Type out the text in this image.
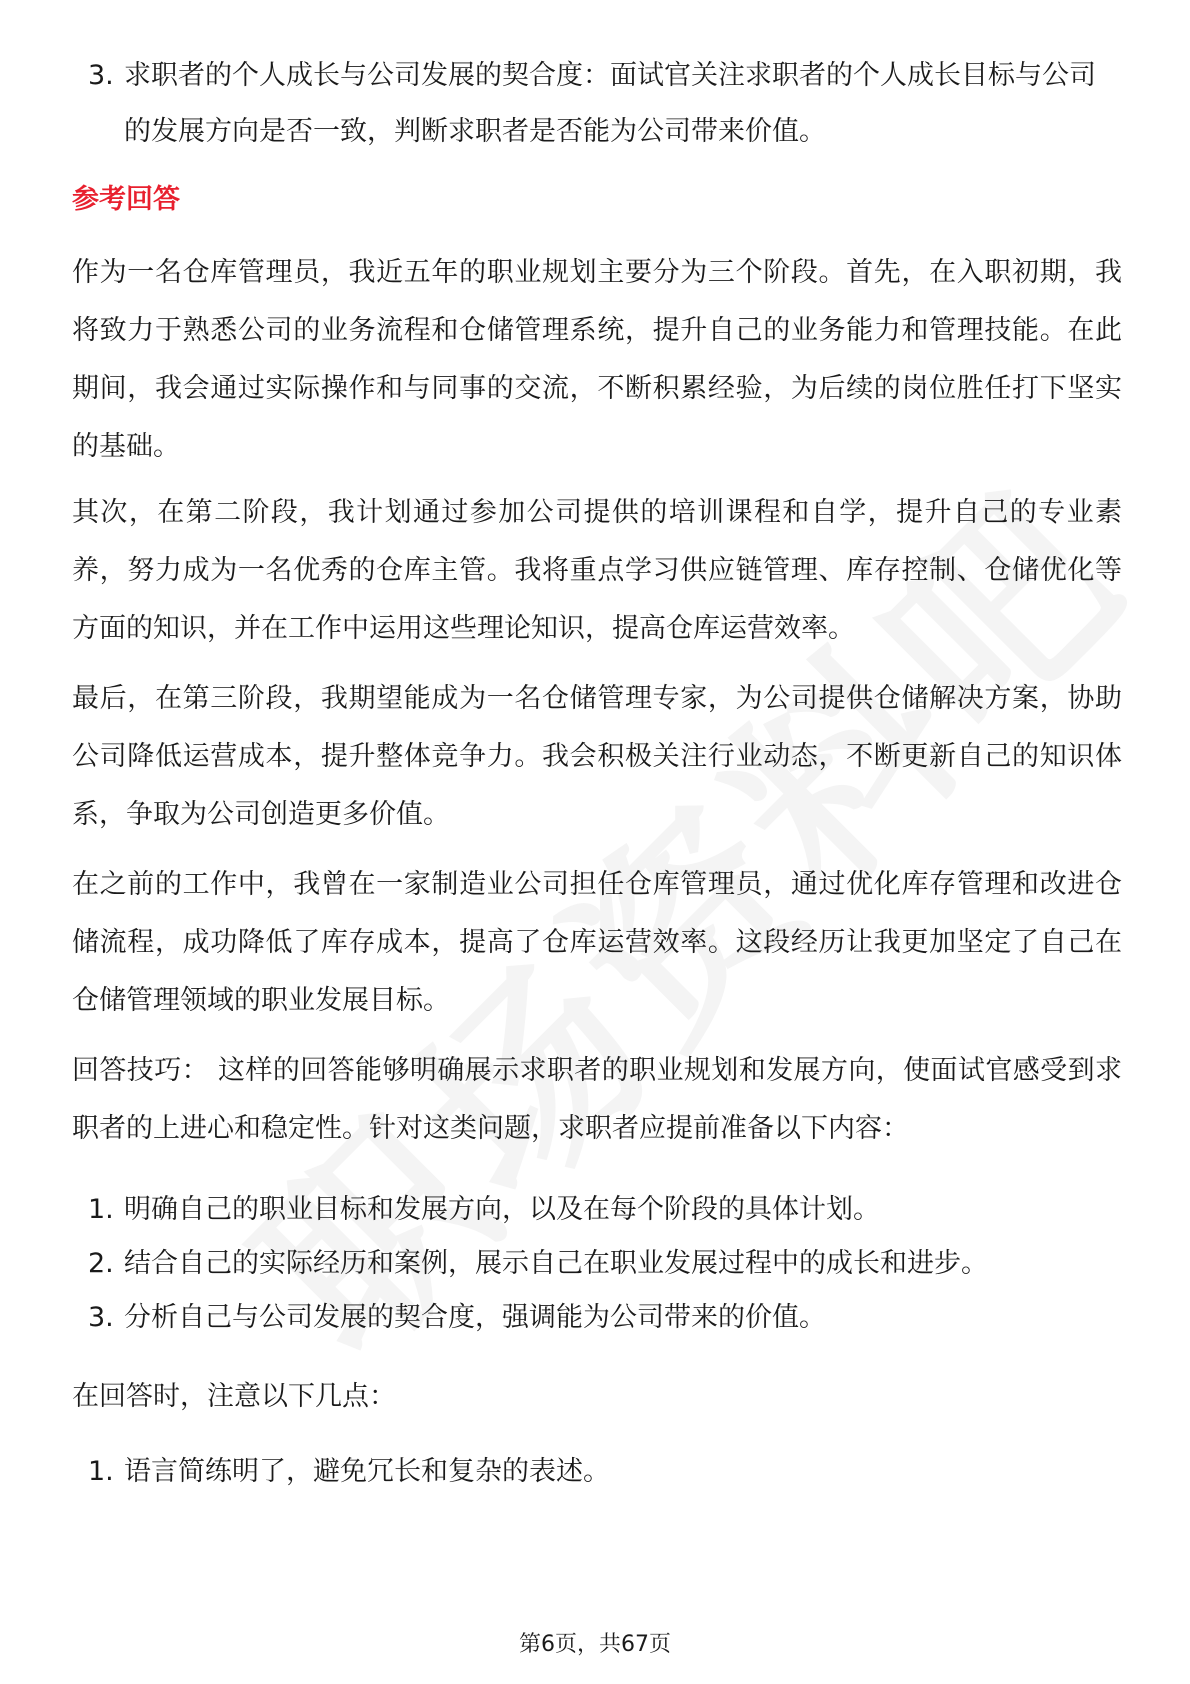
3. 求职者的个人成长与公司发展的契合度：面试官关注求职者的个人成长目标与公司的发展方向是否一致，判断求职者是否能为公司带来价值。
参考回答
作为一名仓库管理员，我近五年的职业规划主要分为三个阶段。首先，在入职初期，我将致力于熟悉公司的业务流程和仓储管理系统，提升自己的业务能力和管理技能。在此期间，我会通过实际操作和与同事的交流，不断积累经验，为后续的岗位胜任打下坚实的基础。
其次，在第二阶段，我计划通过参加公司提供的培训课程和自学，提升自己的专业素养，努力成为一名优秀的仓库主管。我将重点学习供应链管理、库存控制、仓储优化等方面的知识，并在工作中运用这些理论知识，提高仓库运营效率。
最后，在第三阶段，我期望能成为一名仓储管理专家，为公司提供仓储解决方案，协助公司降低运营成本，提升整体竞争力。我会积极关注行业动态，不断更新自己的知识体系，争取为公司创造更多价值。
在之前的工作中，我曾在一家制造业公司担任仓库管理员，通过优化库存管理和改进仓储流程，成功降低了库存成本，提高了仓库运营效率。这段经历让我更加坚定了自己在仓储管理领域的职业发展目标。
回答技巧： 这样的回答能够明确展示求职者的职业规划和发展方向，使面试官感受到求职者的上进心和稳定性。针对这类问题，求职者应提前准备以下内容：
1. 明确自己的职业目标和发展方向，以及在每个阶段的具体计划。
2. 结合自己的实际经历和案例，展示自己在职业发展过程中的成长和进步。
3. 分析自己与公司发展的契合度，强调能为公司带来的价值。
在回答时，注意以下几点：
1. 语言简练明了，避免冗长和复杂的表述。
第6页，共67页
